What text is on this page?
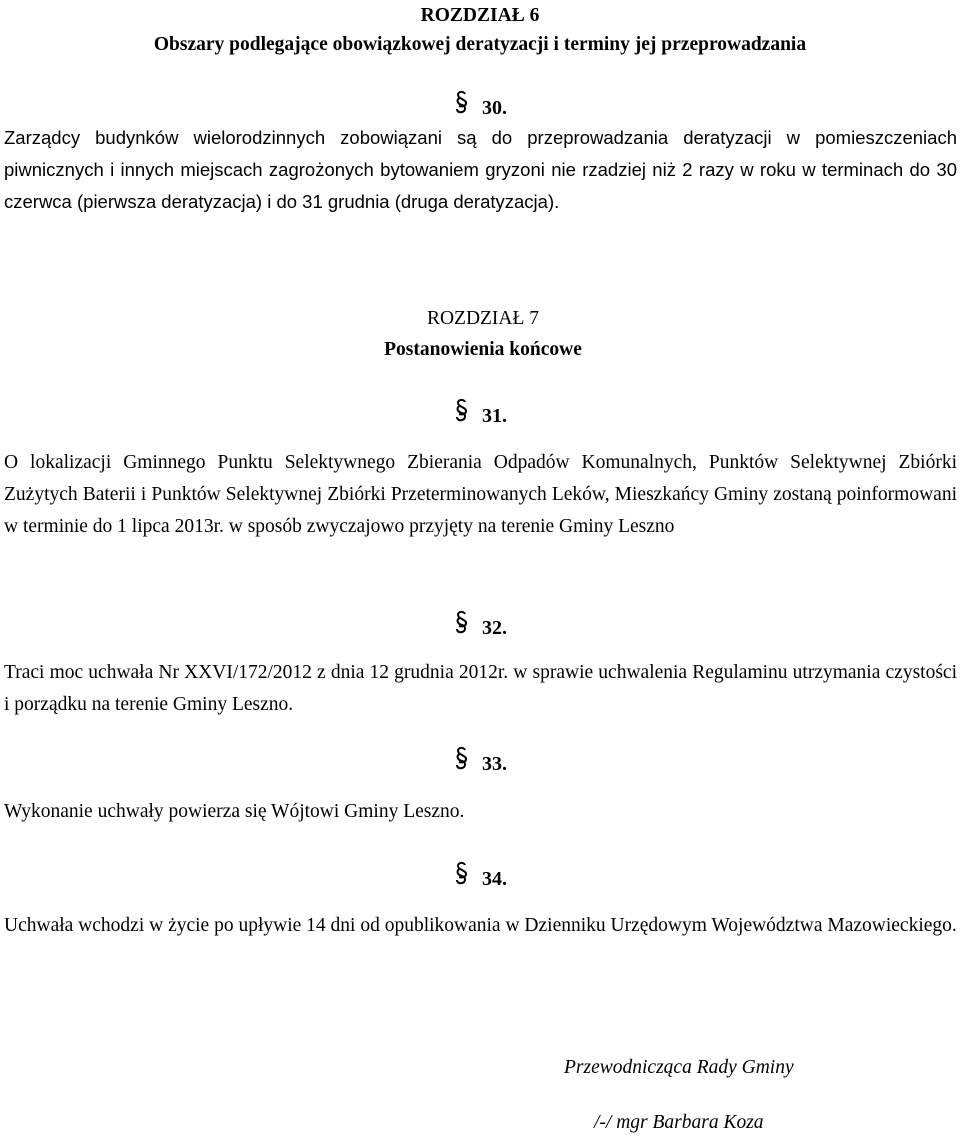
ROZDZIAŁ 6
Obszary podlegające obowiązkowej deratyzacji i terminy jej przeprowadzania
30.

Zarządcy budynków wielorodzinnych zobowiązani są do przeprowadzania deratyzacji w pomieszczeniach piwnicznych i innych miejscach zagrożonych bytowaniem gryzoni nie rzadziej niż 2 razy w roku w terminach do 30 czerwca (pierwsza deratyzacja) i do 31 grudnia (druga deratyzacja).

ROZDZIAŁ 7
Postanowienia końcowe
31.

O lokalizacji Gminnego Punktu Selektywnego Zbierania Odpadów Komunalnych, Punktów Selektywnej Zbiórki Zużytych Baterii i Punktów Selektywnej Zbiórki Przeterminowanych Leków, Mieszkańcy Gminy zostaną poinformowani w terminie do 1 lipca 2013r. w sposób zwyczajowo przyjęty na terenie Gminy Leszno

32.

Traci moc uchwała Nr XXVI/172/2012 z dnia 12 grudnia 2012r. w sprawie uchwalenia Regulaminu utrzymania czystości i porządku na terenie Gminy Leszno.

33.

Wykonanie uchwały powierza się Wójtowi Gminy Leszno.

34.

Uchwała wchodzi w życie po upływie 14 dni od opublikowania w Dzienniku Urzędowym Województwa Mazowieckiego.

Przewodnicząca Rady Gminy
/-/ mgr Barbara Koza
